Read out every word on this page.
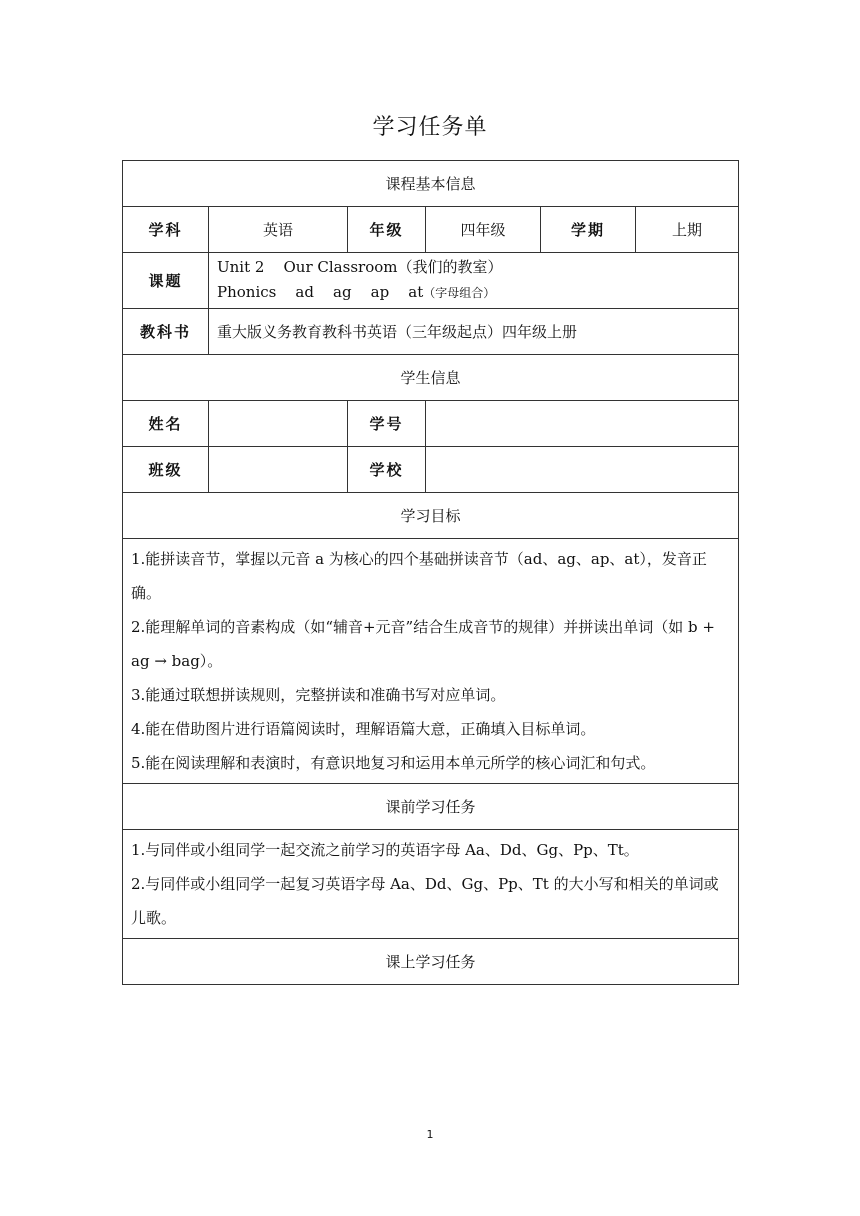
学习任务单
课程基本信息					
学科	英语	年级	四年级	学期	上期
课题	Unit 2    Our Classroom（我们的教室）
Phonics    ad    ag    ap    at（字母组合）				

教科书	重大版义务教育教科书英语（三年级起点）四年级上册				
学生信息					
姓名		学号			
班级		学校			
学习目标					

1.能拼读音节，掌握以元音 a 为核心的四个基础拼读音节（ad、ag、ap、at），发音正确。

2.能理解单词的音素构成（如“辅音+元音”结合生成音节的规律）并拼读出单词（如 b + ag → bag）。

3.能通过联想拼读规则，完整拼读和准确书写对应单词。

4.能在借助图片进行语篇阅读时，理解语篇大意，正确填入目标单词。

5.能在阅读理解和表演时，有意识地复习和运用本单元所学的核心词汇和句式。					

课前学习任务					

1.与同伴或小组同学一起交流之前学习的英语字母 Aa、Dd、Gg、Pp、Tt。

2.与同伴或小组同学一起复习英语字母 Aa、Dd、Gg、Pp、Tt 的大小写和相关的单词或儿歌。					

课上学习任务					
1
